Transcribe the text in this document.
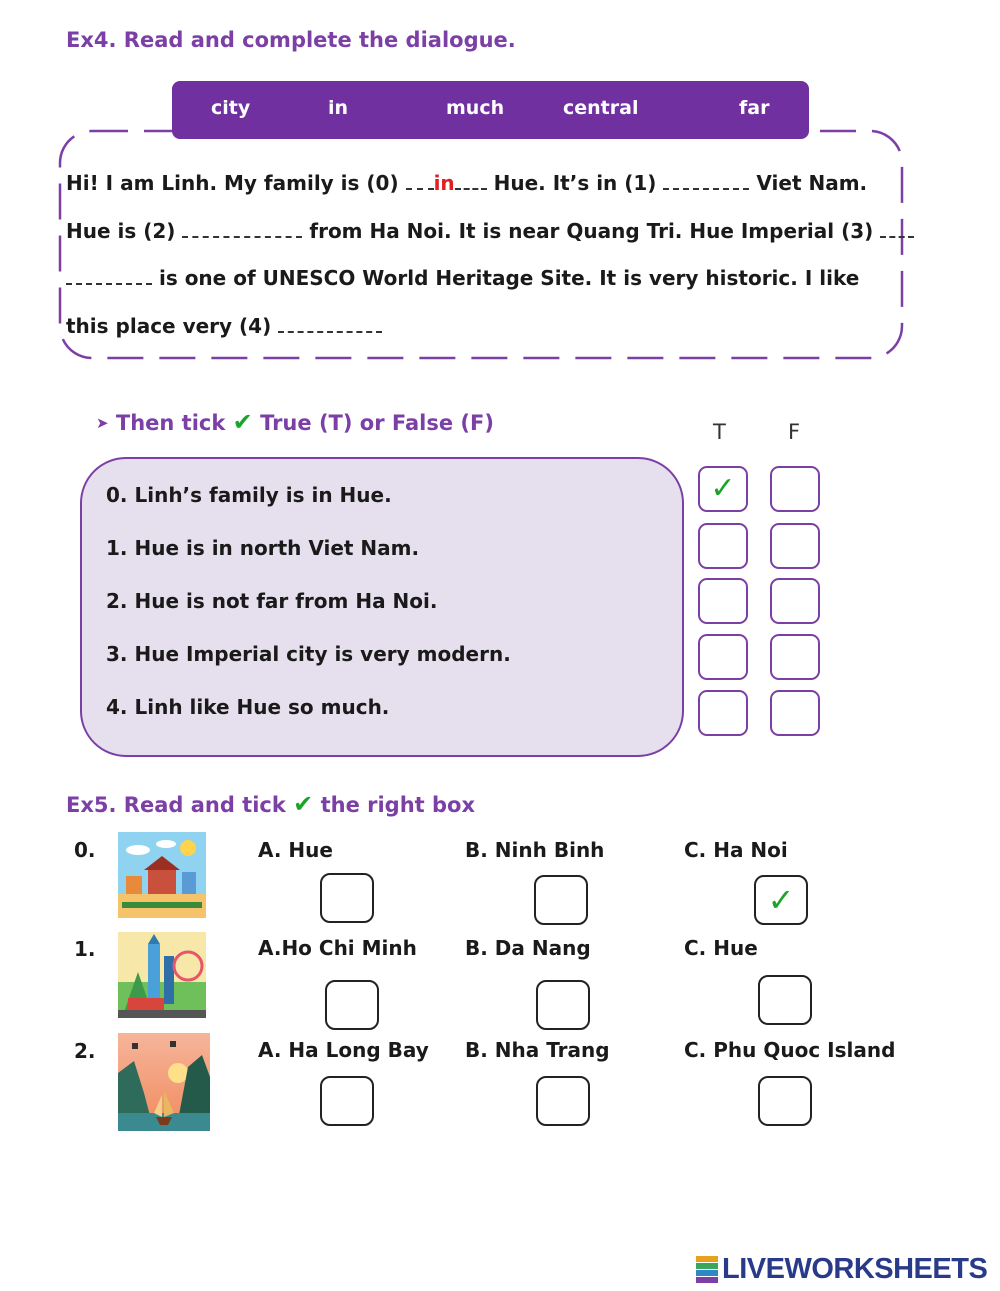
Ex4. Read and complete the dialogue.
city	in	much	central	far
Hi! I am Linh. My family is (0) in Hue. It’s in (1)	Viet Nam.
Hue is (2)	from Ha Noi. It is near Quang Tri. Hue Imperial (3)
is one of UNESCO World Heritage Site. It is very historic. I like
this place very (4)
➤ Then tick ✔ True (T) or False (F)	T	F
0. Linh’s family is in Hue.
1. Hue is in north Viet Nam.
2. Hue is not far from Ha Noi.
3. Hue Imperial city is very modern.
4. Linh like Hue so much.
✓
Ex5. Read and tick ✔ the right box
0.	A. Hue	B. Ninh Binh	C. Ha Noi
✓
1.	A.Ho Chi Minh B. Da Nang	C. Hue
2.	A. Ha Long Bay B. Nha Trang	C. Phu Quoc Island

LIVEWORKSHEETS
